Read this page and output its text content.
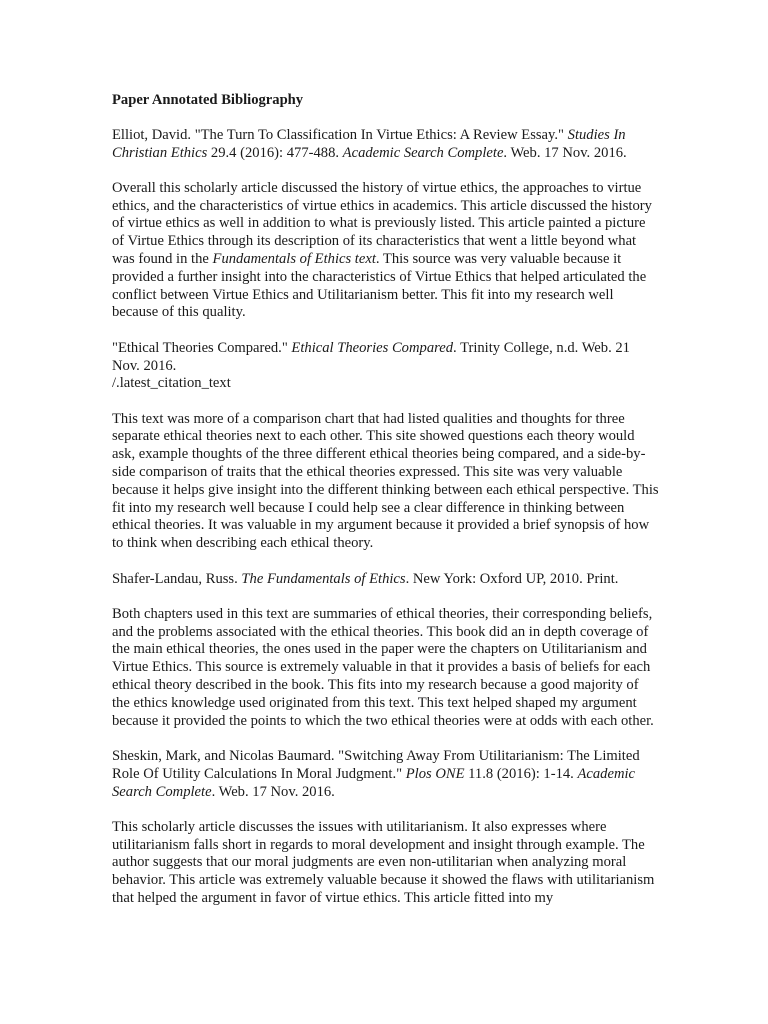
Paper Annotated Bibliography
Elliot, David. "The Turn To Classification In Virtue Ethics: A Review Essay." Studies In Christian Ethics 29.4 (2016): 477-488. Academic Search Complete. Web. 17 Nov. 2016.
Overall this scholarly article discussed the history of virtue ethics, the approaches to virtue ethics, and the characteristics of virtue ethics in academics. This article discussed the history of virtue ethics as well in addition to what is previously listed. This article painted a picture of Virtue Ethics through its description of its characteristics that went a little beyond what was found in the Fundamentals of Ethics text. This source was very valuable because it provided a further insight into the characteristics of Virtue Ethics that helped articulated the conflict between Virtue Ethics and Utilitarianism better. This fit into my research well because of this quality.
"Ethical Theories Compared." Ethical Theories Compared. Trinity College, n.d. Web. 21 Nov. 2016.
/.latest_citation_text
This text was more of a comparison chart that had listed qualities and thoughts for three separate ethical theories next to each other. This site showed questions each theory would ask, example thoughts of the three different ethical theories being compared, and a side-by-side comparison of traits that the ethical theories expressed. This site was very valuable because it helps give insight into the different thinking between each ethical perspective. This fit into my research well because I could help see a clear difference in thinking between ethical theories. It was valuable in my argument because it provided a brief synopsis of how to think when describing each ethical theory.
Shafer-Landau, Russ. The Fundamentals of Ethics. New York: Oxford UP, 2010. Print.
Both chapters used in this text are summaries of ethical theories, their corresponding beliefs, and the problems associated with the ethical theories. This book did an in depth coverage of the main ethical theories, the ones used in the paper were the chapters on Utilitarianism and Virtue Ethics. This source is extremely valuable in that it provides a basis of beliefs for each ethical theory described in the book. This fits into my research because a good majority of the ethics knowledge used originated from this text. This text helped shaped my argument because it provided the points to which the two ethical theories were at odds with each other.
Sheskin, Mark, and Nicolas Baumard. "Switching Away From Utilitarianism: The Limited Role Of Utility Calculations In Moral Judgment." Plos ONE 11.8 (2016): 1-14. Academic Search Complete. Web. 17 Nov. 2016.
This scholarly article discusses the issues with utilitarianism. It also expresses where utilitarianism falls short in regards to moral development and insight through example. The author suggests that our moral judgments are even non-utilitarian when analyzing moral behavior. This article was extremely valuable because it showed the flaws with utilitarianism that helped the argument in favor of virtue ethics. This article fitted into my
